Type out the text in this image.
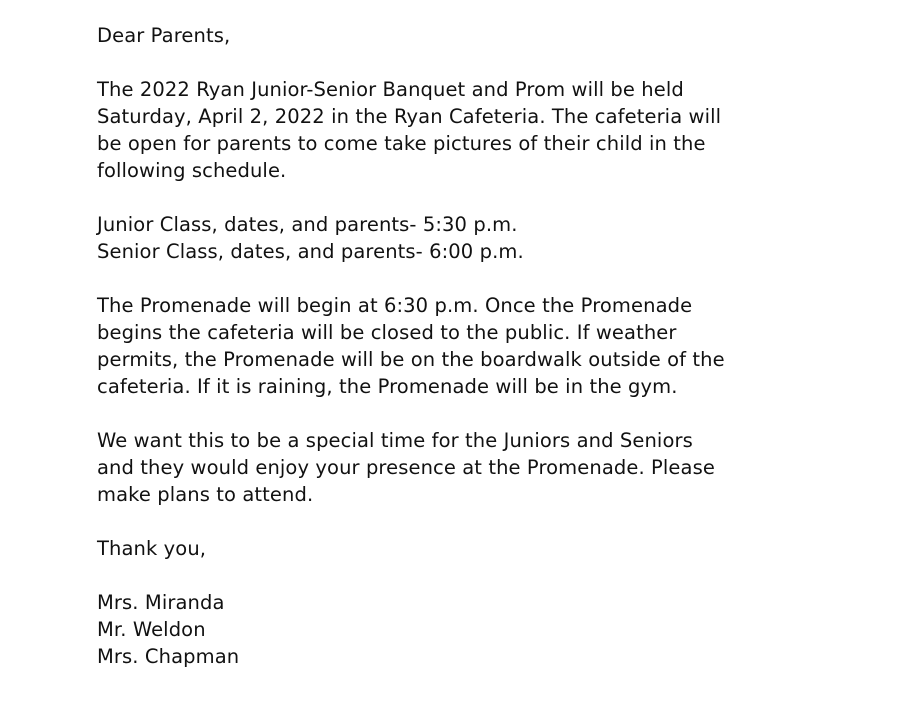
Dear Parents,
The 2022 Ryan Junior-Senior Banquet and Prom will be held
Saturday, April 2, 2022 in the Ryan Cafeteria. The cafeteria will
be open for parents to come take pictures of their child in the
following schedule.
Junior Class, dates, and parents- 5:30 p.m.
Senior Class, dates, and parents- 6:00 p.m.
The Promenade will begin at 6:30 p.m. Once the Promenade
begins the cafeteria will be closed to the public. If weather
permits, the Promenade will be on the boardwalk outside of the
cafeteria. If it is raining, the Promenade will be in the gym.
We want this to be a special time for the Juniors and Seniors
and they would enjoy your presence at the Promenade. Please
make plans to attend.
Thank you,
Mrs. Miranda
Mr. Weldon
Mrs. Chapman
